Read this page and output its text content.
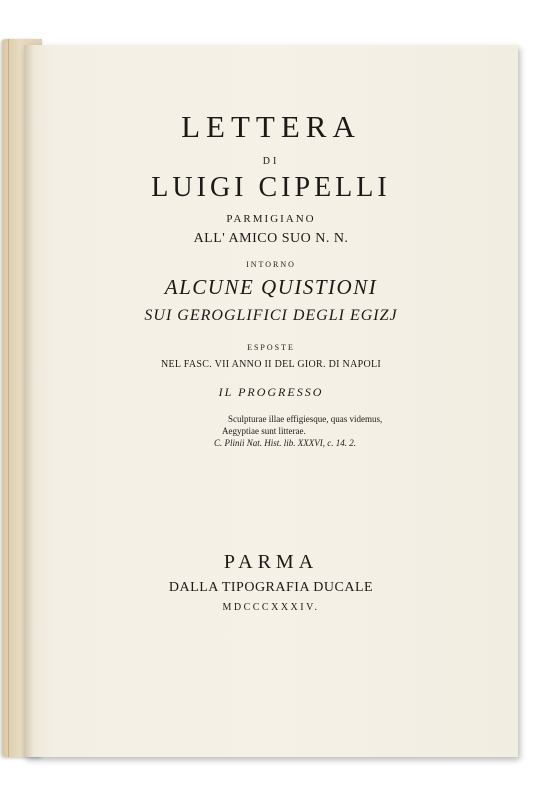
LETTERA
DI
LUIGI CIPELLI
PARMIGIANO
ALL' AMICO SUO N. N.
INTORNO
ALCUNE QUISTIONI
SUI GEROGLIFICI DEGLI EGIZJ
ESPOSTE
NEL FASC. VII ANNO II DEL GIOR. DI NAPOLI
IL PROGRESSO
Sculpturae illae effigiesque, quas videmus,
Aegyptiae sunt litterae.
C. Plinii Nat. Hist. lib. XXXVI, c. 14. 2.
PARMA
DALLA TIPOGRAFIA DUCALE
MDCCCXXXIV.
